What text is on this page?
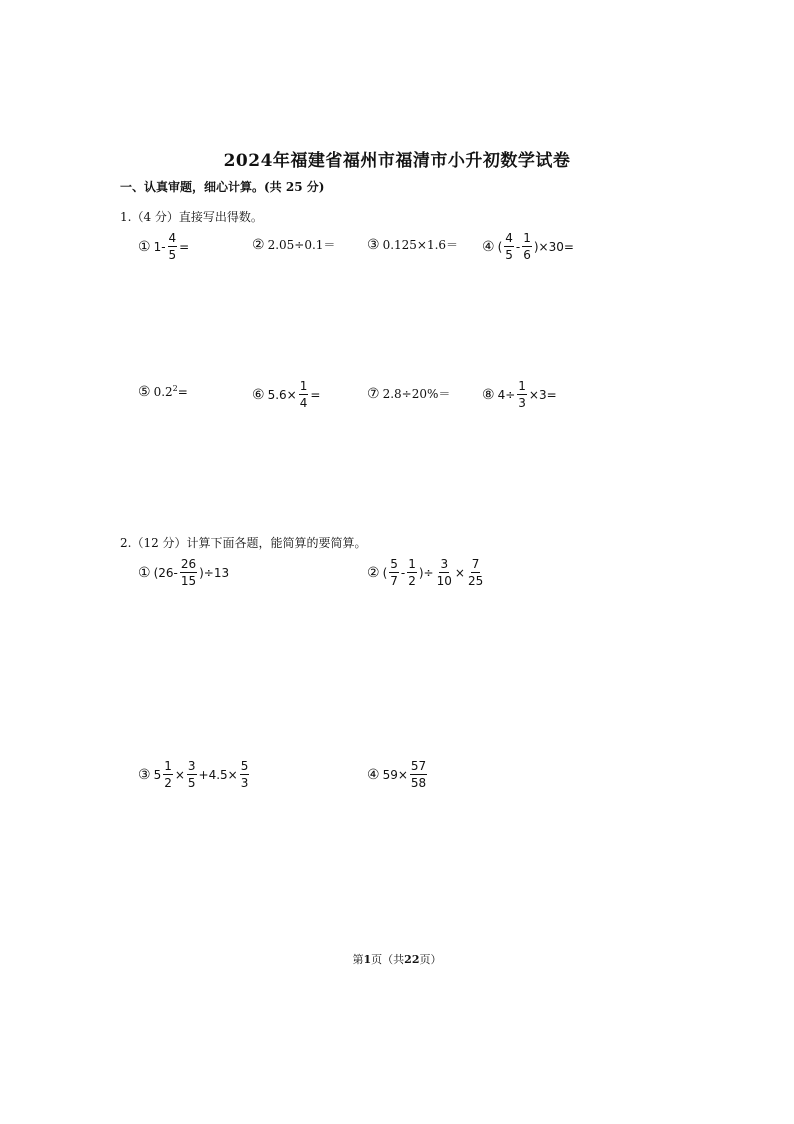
2024年福建省福州市福清市小升初数学试卷
一、认真审题，细心计算。(共 25 分)
1.（4 分）直接写出得数。
① $1- \frac{4}{5}$ =	② 2.05÷0.1＝ ③ 0.125×1.6＝ ④ ( $\frac{4}{5} - \frac{1}{6} )\times 30=$
⑤ $0.2^2$ =	⑥ $5.6\times \frac{1}{4}$ =	⑦ 2.8÷20%＝ ⑧ $4\div \frac{1}{3} \times 3=$
2.（12 分）计算下面各题，能简算的要简算。
① $(26- \frac{26}{15} )\div 13$	② ( $\frac{5}{7} - \frac{1}{2}$ )÷ $\frac{3}{10} \times \frac{7}{25}$
③ $5 \frac{1}{2} \times \frac{3}{5} +4.5\times \frac{5}{3}$	④ $59\times \frac{57}{58}$
第1页（共22页）
